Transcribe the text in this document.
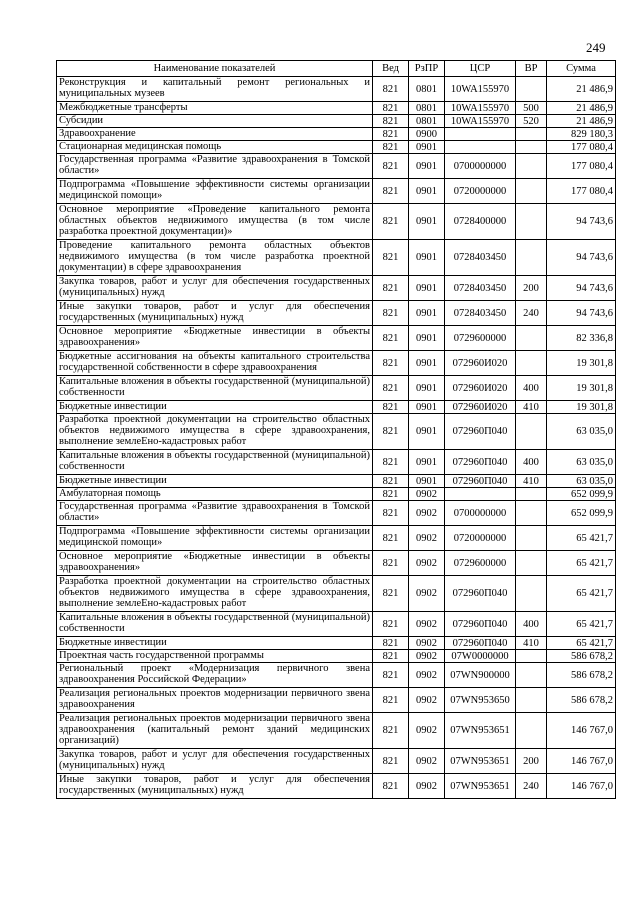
249
Наименование показателей	Вед	РзПР	ЦСР	ВР	Сумма
Реконструкция и капитальный ремонт региональных и муниципальных музеев	821	0801	10WA155970		21 486,9
Межбюджетные трансферты	821	0801	10WA155970	500	21 486,9
Субсидии	821	0801	10WA155970	520	21 486,9
Здравоохранение	821	0900			829 180,3
Стационарная медицинская помощь	821	0901			177 080,4
Государственная программа «Развитие здравоохранения в Томской области»	821	0901	0700000000		177 080,4
Подпрограмма «Повышение эффективности системы организации медицинской помощи»	821	0901	0720000000		177 080,4
Основное мероприятие «Проведение капитального ремонта областных объектов недвижимого имущества (в том числе разработка проектной документации)»	821	0901	0728400000		94 743,6
Проведение капитального ремонта областных объектов недвижимого имущества (в том числе разработка проектной документации) в сфере здравоохранения	821	0901	0728403450		94 743,6
Закупка товаров, работ и услуг для обеспечения государственных (муниципальных) нужд	821	0901	0728403450	200	94 743,6
Иные закупки товаров, работ и услуг для обеспечения государственных (муниципальных) нужд	821	0901	0728403450	240	94 743,6
Основное мероприятие «Бюджетные инвестиции в объекты здравоохранения»	821	0901	0729600000		82 336,8
Бюджетные ассигнования на объекты капитального строительства государственной собственности в сфере здравоохранения	821	0901	072960И020		19 301,8
Капитальные вложения в объекты государственной (муниципальной) собственности	821	0901	072960И020	400	19 301,8
Бюджетные инвестиции	821	0901	072960И020	410	19 301,8
Разработка проектной документации на строительство областных объектов недвижимого имущества в сфере здравоохранения, выполнение землеЕно-кадастровых работ	821	0901	072960П040		63 035,0
Капитальные вложения в объекты государственной (муниципальной) собственности	821	0901	072960П040	400	63 035,0
Бюджетные инвестиции	821	0901	072960П040	410	63 035,0
Амбулаторная помощь	821	0902			652 099,9
Государственная программа «Развитие здравоохранения в Томской области»	821	0902	0700000000		652 099,9
Подпрограмма «Повышение эффективности системы организации медицинской помощи»	821	0902	0720000000		65 421,7
Основное мероприятие «Бюджетные инвестиции в объекты здравоохранения»	821	0902	0729600000		65 421,7
Разработка проектной документации на строительство областных объектов недвижимого имущества в сфере здравоохранения, выполнение землеЕно-кадастровых работ	821	0902	072960П040		65 421,7
Капитальные вложения в объекты государственной (муниципальной) собственности	821	0902	072960П040	400	65 421,7
Бюджетные инвестиции	821	0902	072960П040	410	65 421,7
Проектная часть государственной программы	821	0902	07W0000000		586 678,2
Региональный проект «Модернизация первичного звена здравоохранения Российской Федерации»	821	0902	07WN900000		586 678,2
Реализация региональных проектов модернизации первичного звена здравоохранения	821	0902	07WN953650		586 678,2
Реализация региональных проектов модернизации первичного звена здравоохранения (капитальный ремонт зданий медицинских организаций)	821	0902	07WN953651		146 767,0
Закупка товаров, работ и услуг для обеспечения государственных (муниципальных) нужд	821	0902	07WN953651	200	146 767,0
Иные закупки товаров, работ и услуг для обеспечения государственных (муниципальных) нужд	821	0902	07WN953651	240	146 767,0
